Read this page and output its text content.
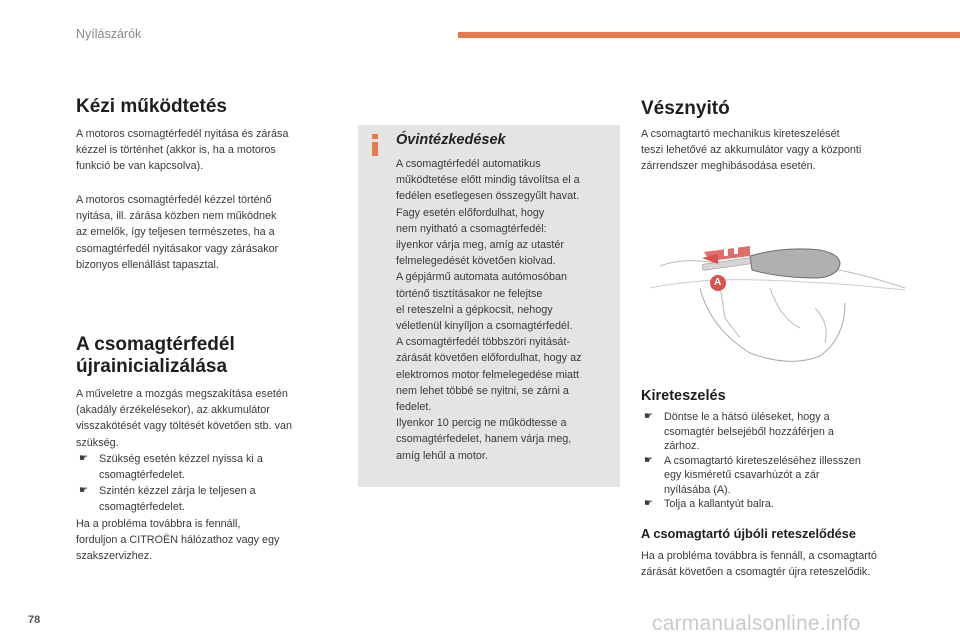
Nyílászárók
Kézi működtetés
A motoros csomagtérfedél nyitása és zárása
kézzel is történhet (akkor is, ha a motoros
funkció be van kapcsolva).
A motoros csomagtérfedél kézzel történő
nyitása, ill. zárása közben nem működnek
az emelők, így teljesen természetes, ha a
csomagtérfedél nyitásakor vagy zárásakor
bizonyos ellenállást tapasztal.
A csomagtérfedél
újrainicializálása
A műveletre a mozgás megszakítása esetén
(akadály érzékelésekor), az akkumulátor
visszakötését vagy töltését követően stb. van
szükség.
☛ Szükség esetén kézzel nyissa ki a
csomagtérfedelet.
☛ Szintén kézzel zárja le teljesen a
csomagtérfedelet.
Ha a probléma továbbra is fennáll,
forduljon a CITROËN hálózathoz vagy egy
szakszervizhez.
Óvintézkedések
A csomagtérfedél automatikus
működtetése előtt mindig távolítsa el a
fedélen esetlegesen összegyűlt havat.
Fagy esetén előfordulhat, hogy
nem nyitható a csomagtérfedél:
ilyenkor várja meg, amíg az utastér
felmelegedését követően kiolvad.
A gépjármű automata autómosóban
történő tisztításakor ne felejtse
el reteszelni a gépkocsit, nehogy
véletlenül kinyíljon a csomagtérfedél.
A csomagtérfedél többszöri nyitását-
zárását követően előfordulhat, hogy az
elektromos motor felmelegedése miatt
nem lehet többé se nyitni, se zárni a
fedelet.
Ilyenkor 10 percig ne működtesse a
csomagtérfedelet, hanem várja meg,
amíg lehűl a motor.
Vésznyitó
A csomagtartó mechanikus kireteszelését
teszi lehetővé az akkumulátor vagy a központi
zárrendszer meghibásodása esetén.
A
Kireteszelés
☛ Döntse le a hátsó üléseket, hogy a
csomagtér belsejéből hozzáférjen a
zárhoz.
☛ A csomagtartó kireteszeléséhez illesszen
egy kisméretű csavarhúzót a zár
nyílásába (A).
☛ Tolja a kallantyút balra.
A csomagtartó újbóli reteszelődése
Ha a probléma továbbra is fennáll, a csomagtartó
zárását követően a csomagtér újra reteszelődik.
78	carmanualsonline.info
